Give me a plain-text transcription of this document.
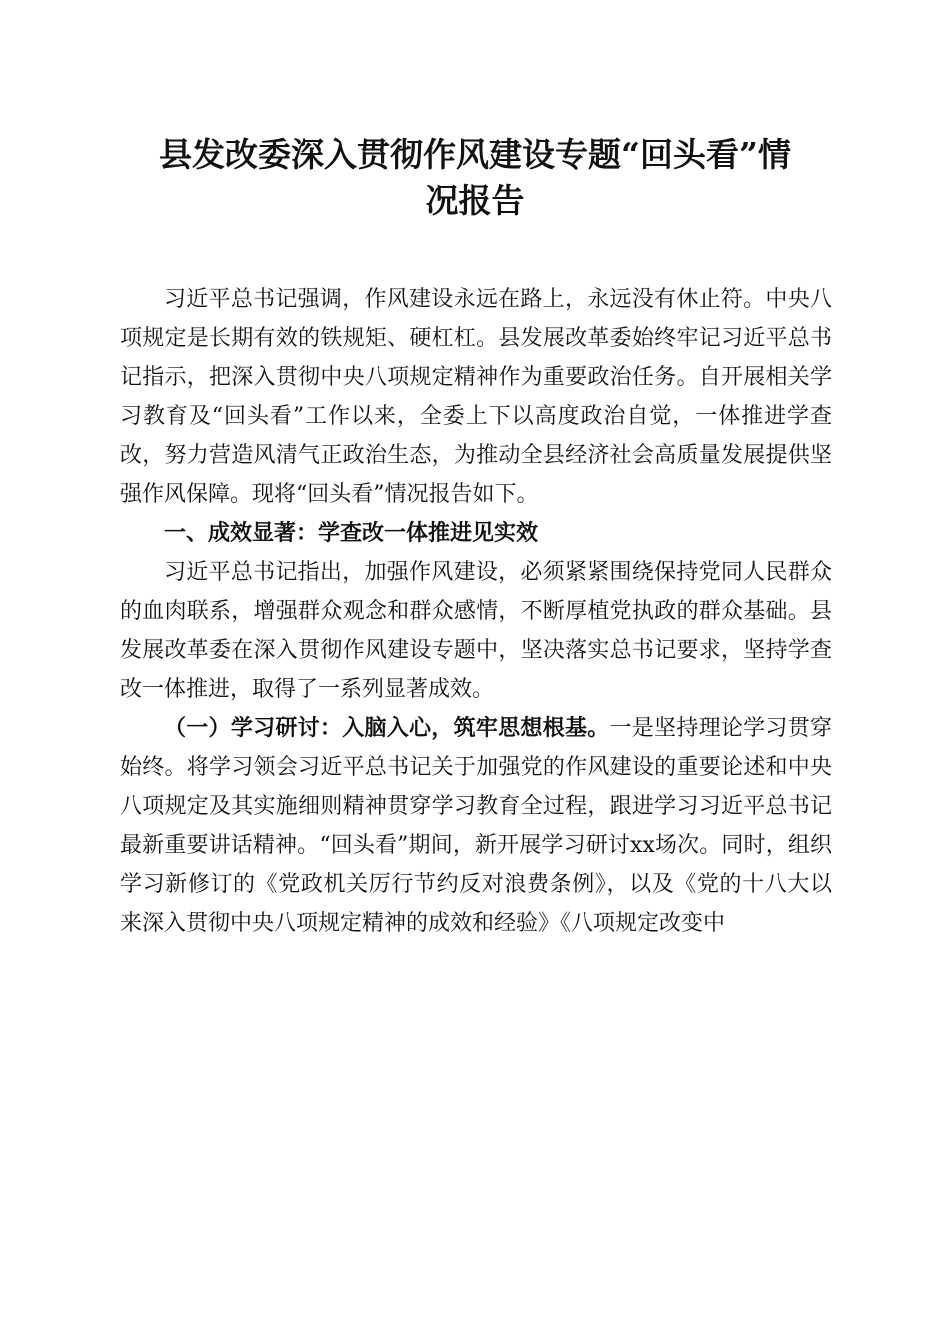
县发改委深入贯彻作风建设专题“回头看”情
况报告

习近平总书记强调，作风建设永远在路上，永远没有休止符。中央八项规定是长期有效的铁规矩、硬杠杠。县发展改革委始终牢记习近平总书记指示，把深入贯彻中央八项规定精神作为重要政治任务。自开展相关学习教育及“回头看”工作以来，全委上下以高度政治自觉，一体推进学查改，努力营造风清气正政治生态，为推动全县经济社会高质量发展提供坚强作风保障。现将“回头看”情况报告如下。

一、成效显著：学查改一体推进见实效

习近平总书记指出，加强作风建设，必须紧紧围绕保持党同人民群众的血肉联系，增强群众观念和群众感情，不断厚植党执政的群众基础。县发展改革委在深入贯彻作风建设专题中，坚决落实总书记要求，坚持学查改一体推进，取得了一系列显著成效。

（一）学习研讨：入脑入心，筑牢思想根基。一是坚持理论学习贯穿始终。将学习领会习近平总书记关于加强党的作风建设的重要论述和中央八项规定及其实施细则精神贯穿学习教育全过程，跟进学习习近平总书记最新重要讲话精神。“回头看”期间，新开展学习研讨xx场次。同时，组织学习新修订的《党政机关厉行节约反对浪费条例》，以及《党的十八大以来深入贯彻中央八项规定精神的成效和经验》《八项规定改变中
